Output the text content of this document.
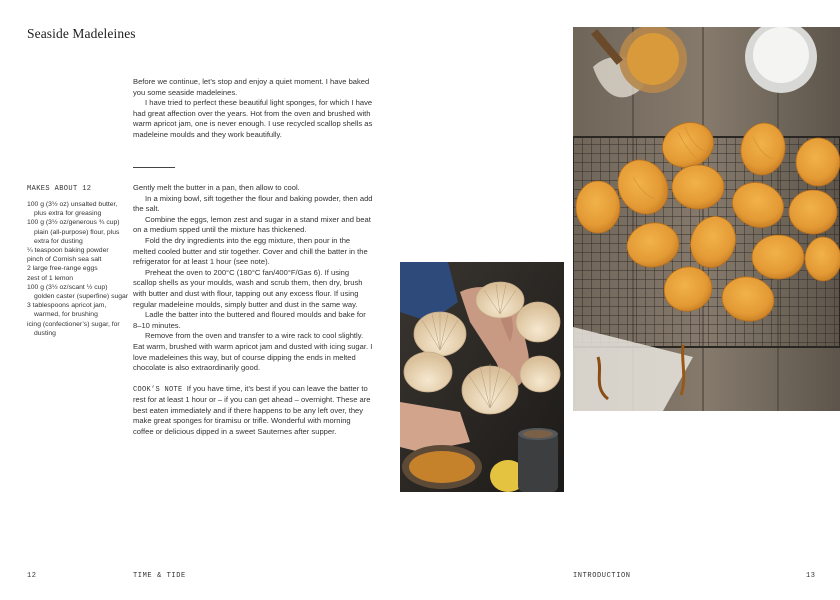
Seaside Madeleines

Before we continue, let’s stop and enjoy a quiet moment. I have baked you some seaside madeleines.

I have tried to perfect these beautiful light sponges, for which I have had great affection over the years. Hot from the oven and brushed with warm apricot jam, one is never enough. I use recycled scallop shells as madeleine moulds and they work beautifully.

MAKES ABOUT 12
100 g (3½ oz) unsalted butter, plus extra for greasing
100 g (3½ oz/generous ¾ cup) plain (all-purpose) flour, plus extra for dusting
¼ teaspoon baking powder
pinch of Cornish sea salt
2 large free-range eggs
zest of 1 lemon
100 g (3½ oz/scant ½ cup) golden caster (superfine) sugar
3 tablespoons apricot jam, warmed, for brushing
icing (confectioner’s) sugar, for dusting

Gently melt the butter in a pan, then allow to cool.

In a mixing bowl, sift together the flour and baking powder, then add the salt.

Combine the eggs, lemon zest and sugar in a stand mixer and beat on a medium spped until the mixture has thickened.

Fold the dry ingredients into the egg mixture, then pour in the melted cooled butter and stir together. Cover and chill the batter in the refrigerator for at least 1 hour (see note).

Preheat the oven to 200°C (180°C fan/400°F/Gas 6). If using scallop shells as your moulds, wash and scrub them, then dry, brush with butter and dust with flour, tapping out any excess flour. If using regular madeleine moulds, simply butter and dust in the same way.

Ladle the batter into the buttered and floured moulds and bake for 8–10 minutes.

Remove from the oven and transfer to a wire rack to cool slightly. Eat warm, brushed with warm apricot jam and dusted with icing sugar. I love madeleines this way, but of course dipping the ends in melted chocolate is also extraordinarily good.

COOK’S NOTE If you have time, it’s best if you can leave the batter to rest for at least 1 hour or – if you can get ahead – overnight. These are best eaten immediately and if there happens to be any left over, they make great sponges for tiramisu or trifle. Wonderful with morning coffee or delicious dipped in a sweet Sauternes after supper.

12	TIME & TIDE	INTRODUCTION	13
